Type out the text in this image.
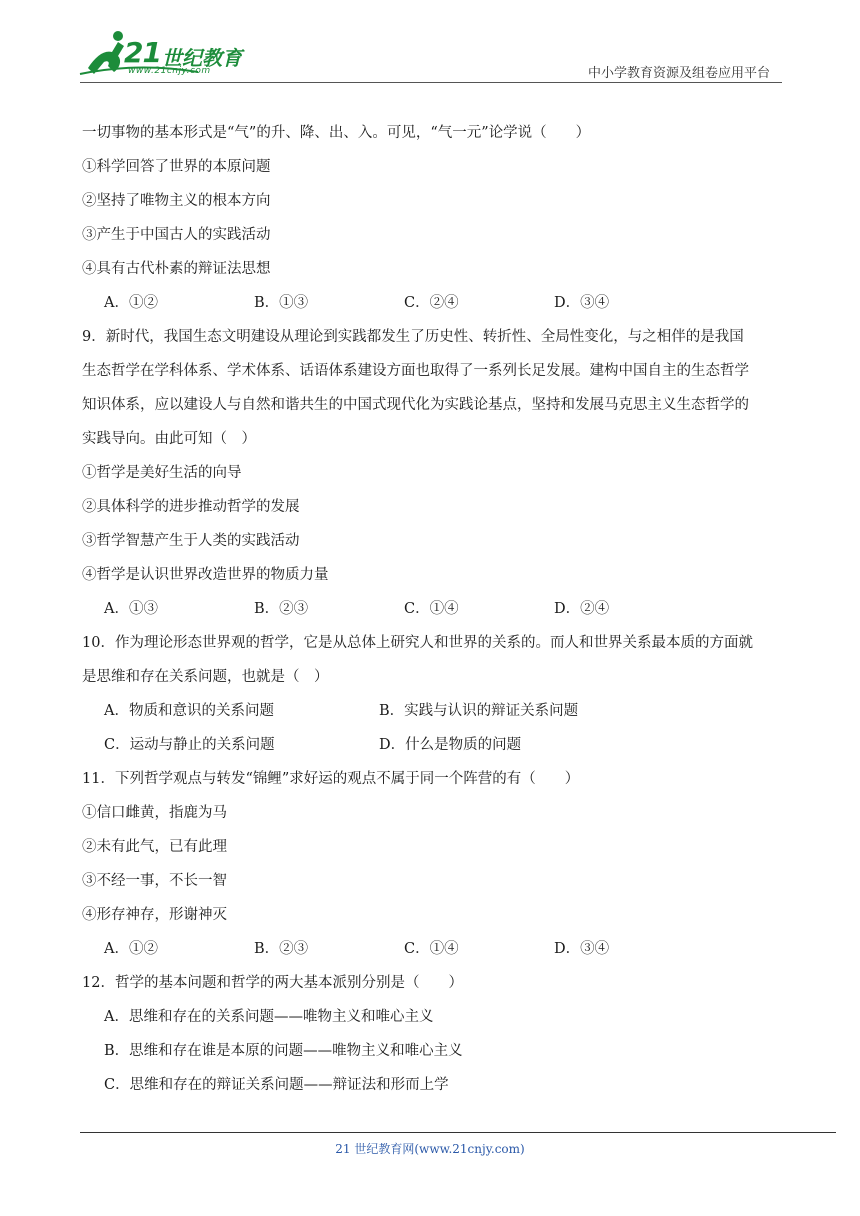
21 世纪教育
www.21cnjy.com	中小学教育资源及组卷应用平台
一切事物的基本形式是“气”的升、降、出、入。可见，“气一元”论学说（　　）
①科学回答了世界的本原问题
②坚持了唯物主义的根本方向
③产生于中国古人的实践活动
④具有古代朴素的辩证法思想
A．①②	B．①③	C．②④	D．③④
9．新时代，我国生态文明建设从理论到实践都发生了历史性、转折性、全局性变化，与之相伴的是我国
生态哲学在学科体系、学术体系、话语体系建设方面也取得了一系列长足发展。建构中国自主的生态哲学
知识体系，应以建设人与自然和谐共生的中国式现代化为实践论基点，坚持和发展马克思主义生态哲学的
实践导向。由此可知（　）
①哲学是美好生活的向导
②具体科学的进步推动哲学的发展
③哲学智慧产生于人类的实践活动
④哲学是认识世界改造世界的物质力量
A．①③	B．②③	C．①④	D．②④
10．作为理论形态世界观的哲学，它是从总体上研究人和世界的关系的。而人和世界关系最本质的方面就
是思维和存在关系问题，也就是（　）
A．物质和意识的关系问题	B．实践与认识的辩证关系问题
C．运动与静止的关系问题	D．什么是物质的问题
11．下列哲学观点与转发“锦鲤”求好运的观点不属于同一个阵营的有（　　）
①信口雌黄，指鹿为马
②未有此气，已有此理
③不经一事，不长一智
④形存神存，形谢神灭
A．①②	B．②③	C．①④	D．③④
12．哲学的基本问题和哲学的两大基本派别分别是（　　）
A．思维和存在的关系问题——唯物主义和唯心主义
B．思维和存在谁是本原的问题——唯物主义和唯心主义
C．思维和存在的辩证关系问题——辩证法和形而上学
21 世纪教育网(www.21cnjy.com)
